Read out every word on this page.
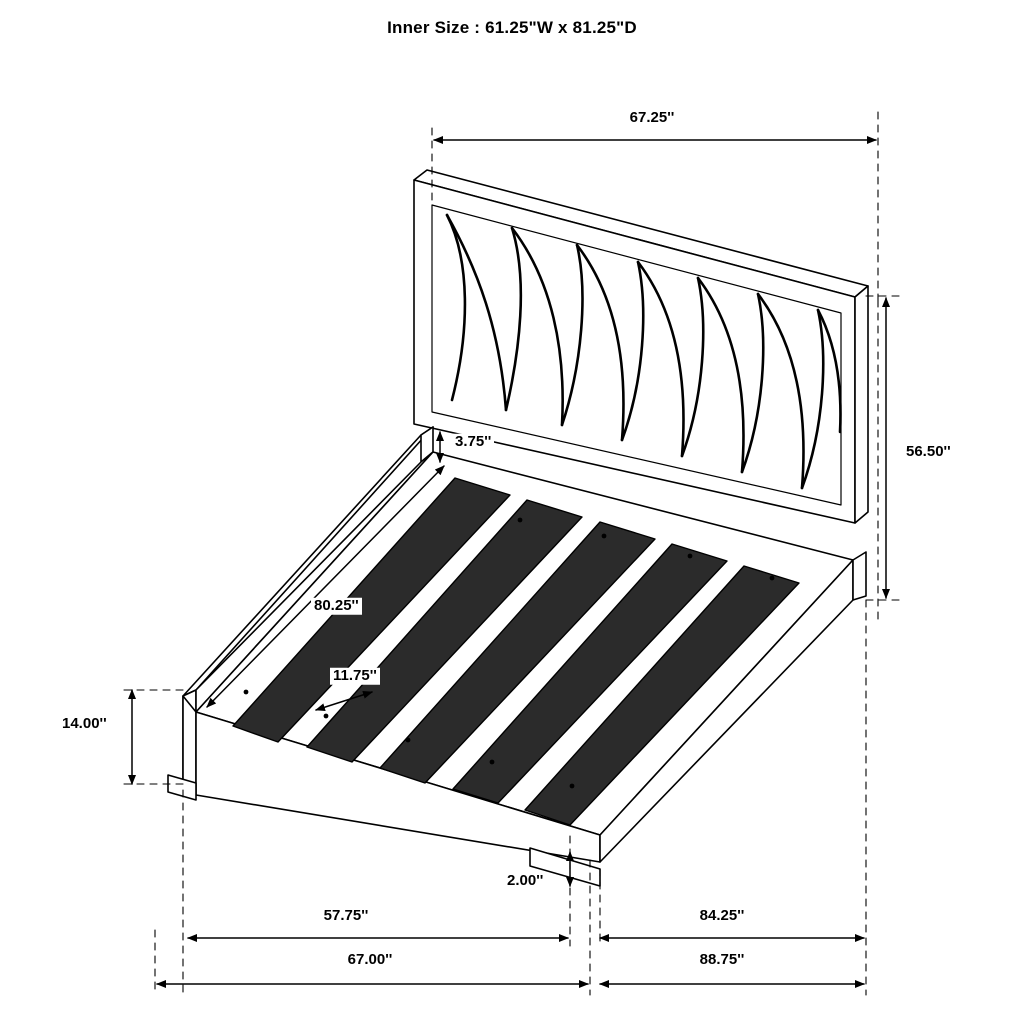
Inner Size : 61.25"W x 81.25"D
67.25''
56.50''
3.75''
80.25''
11.75''
14.00''
2.00''
57.75''	84.25''
67.00''	88.75''
